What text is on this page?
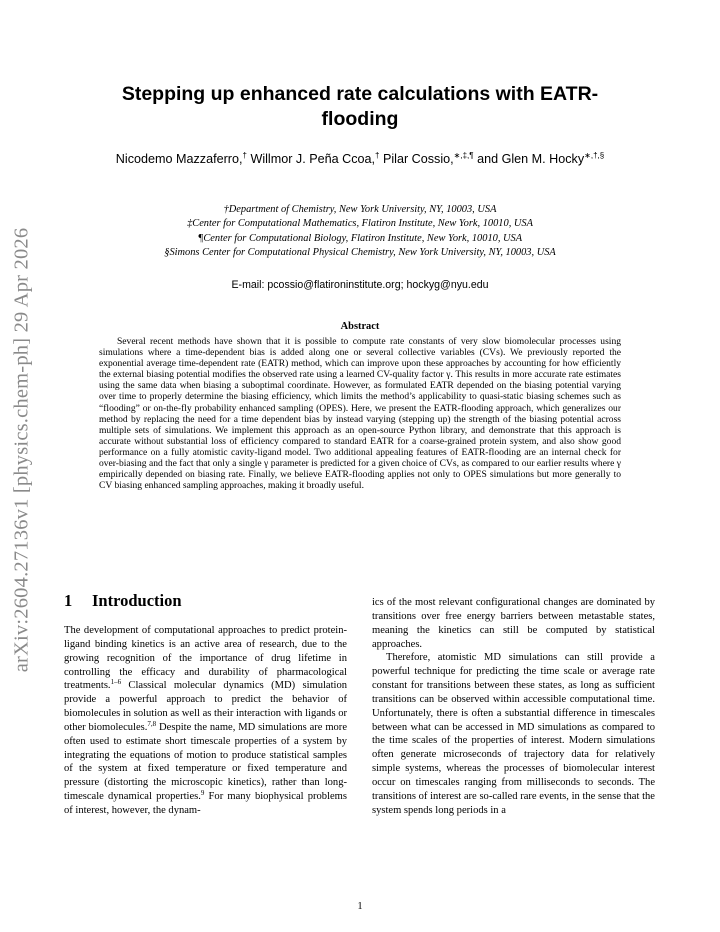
arXiv:2604.27136v1 [physics.chem-ph] 29 Apr 2026
Stepping up enhanced rate calculations with EATR-flooding
Nicodemo Mazzaferro,† Willmor J. Peña Ccoa,† Pilar Cossio,∗,‡,¶ and Glen M. Hocky∗,†,§
†Department of Chemistry, New York University, NY, 10003, USA
‡Center for Computational Mathematics, Flatiron Institute, New York, 10010, USA
¶Center for Computational Biology, Flatiron Institute, New York, 10010, USA
§Simons Center for Computational Physical Chemistry, New York University, NY, 10003, USA
E-mail: pcossio@flatironinstitute.org; hockyg@nyu.edu
Abstract
Several recent methods have shown that it is possible to compute rate constants of very slow biomolecular processes using simulations where a time-dependent bias is added along one or several collective variables (CVs). We previously reported the exponential average time-dependent rate (EATR) method, which can improve upon these approaches by accounting for how efficiently the external biasing potential modifies the observed rate using a learned CV-quality factor γ. This results in more accurate rate estimates using the same data when biasing a suboptimal coordinate. However, as formulated EATR depended on the biasing potential varying over time to properly determine the biasing efficiency, which limits the method’s applicability to quasi-static biasing schemes such as “flooding” or on-the-fly probability enhanced sampling (OPES). Here, we present the EATR-flooding approach, which generalizes our method by replacing the need for a time dependent bias by instead varying (stepping up) the strength of the biasing potential across multiple sets of simulations. We implement this approach as an open-source Python library, and demonstrate that this approach is accurate without substantial loss of efficiency compared to standard EATR for a coarse-grained protein system, and also show good performance on a fully atomistic cavity-ligand model. Two additional appealing features of EATR-flooding are an internal check for over-biasing and the fact that only a single γ parameter is predicted for a given choice of CVs, as compared to our earlier results where γ empirically depended on biasing rate. Finally, we believe EATR-flooding applies not only to OPES simulations but more generally to CV biasing enhanced sampling approaches, making it broadly useful.
1 Introduction

The development of computational approaches to predict protein-ligand binding kinetics is an active area of research, due to the growing recognition of the importance of drug lifetime in controlling the efficacy and durability of pharmacological treatments.$^{1-6}$ Classical molecular dynamics (MD) simulation provide a powerful approach to predict the behavior of biomolecules in solution as well as their interaction with ligands or other biomolecules.$^{7,8}$ Despite the name, MD simulations are more often used to estimate short timescale properties of a system by integrating the equations of motion to produce statistical samples of the system at fixed temperature or fixed temperature and pressure (distorting the microscopic kinetics), rather than long-timescale dynamical properties.$^9$ For many biophysical problems of interest, however, the dynam-

ics of the most relevant configurational changes are dominated by transitions over free energy barriers between metastable states, meaning the kinetics can still be computed by statistical approaches.

Therefore, atomistic MD simulations can still provide a powerful technique for predicting the time scale or average rate constant for transitions between these states, as long as sufficient transitions can be observed within accessible computational time. Unfortunately, there is often a substantial difference in timescales between what can be accessed in MD simulations as compared to the time scales of the properties of interest. Modern simulations often generate microseconds of trajectory data for relatively simple systems, whereas the processes of biomolecular interest occur on timescales ranging from milliseconds to seconds. The transitions of interest are so-called rare events, in the sense that the system spends long periods in a

1
